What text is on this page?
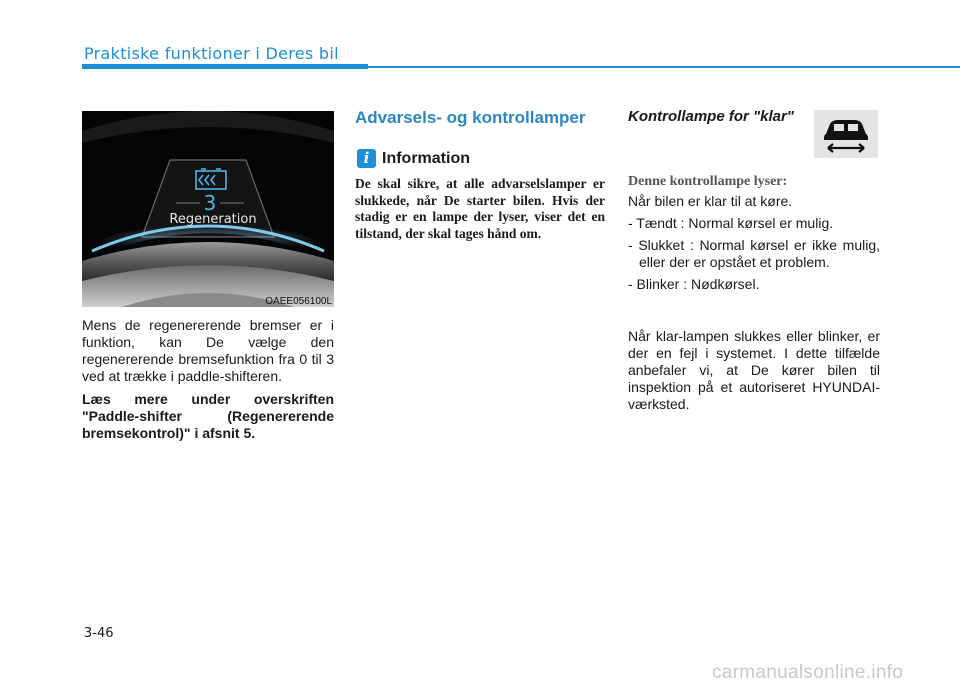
Praktiske funktioner i Deres bil
3
Regeneration
OAEE056100L

Mens de regenererende bremser er i funktion, kan De vælge den regenererende bremsefunktion fra 0 til 3 ved at trække i paddle-shifteren.

Læs mere under overskriften "Paddle-shifter (Regenererende bremsekontrol)" i afsnit 5.

Advarsels- og kontrollamper
i Information
De skal sikre, at alle advarselslamper er slukkede, når De starter bilen. Hvis der stadig er en lampe der lyser, viser det en tilstand, der skal tages hånd om.
Kontrollampe for "klar"
Denne kontrollampe lyser:

Når bilen er klar til at køre.

- Tændt : Normal kørsel er mulig.

- Slukket : Normal kørsel er ikke mulig, eller der er opstået et problem.

- Blinker : Nødkørsel.

Når klar-lampen slukkes eller blinker, er der en fejl i systemet. I dette tilfælde anbefaler vi, at De kører bilen til inspektion på et autoriseret HYUNDAI-værksted.
3-46
carmanualsonline.info
